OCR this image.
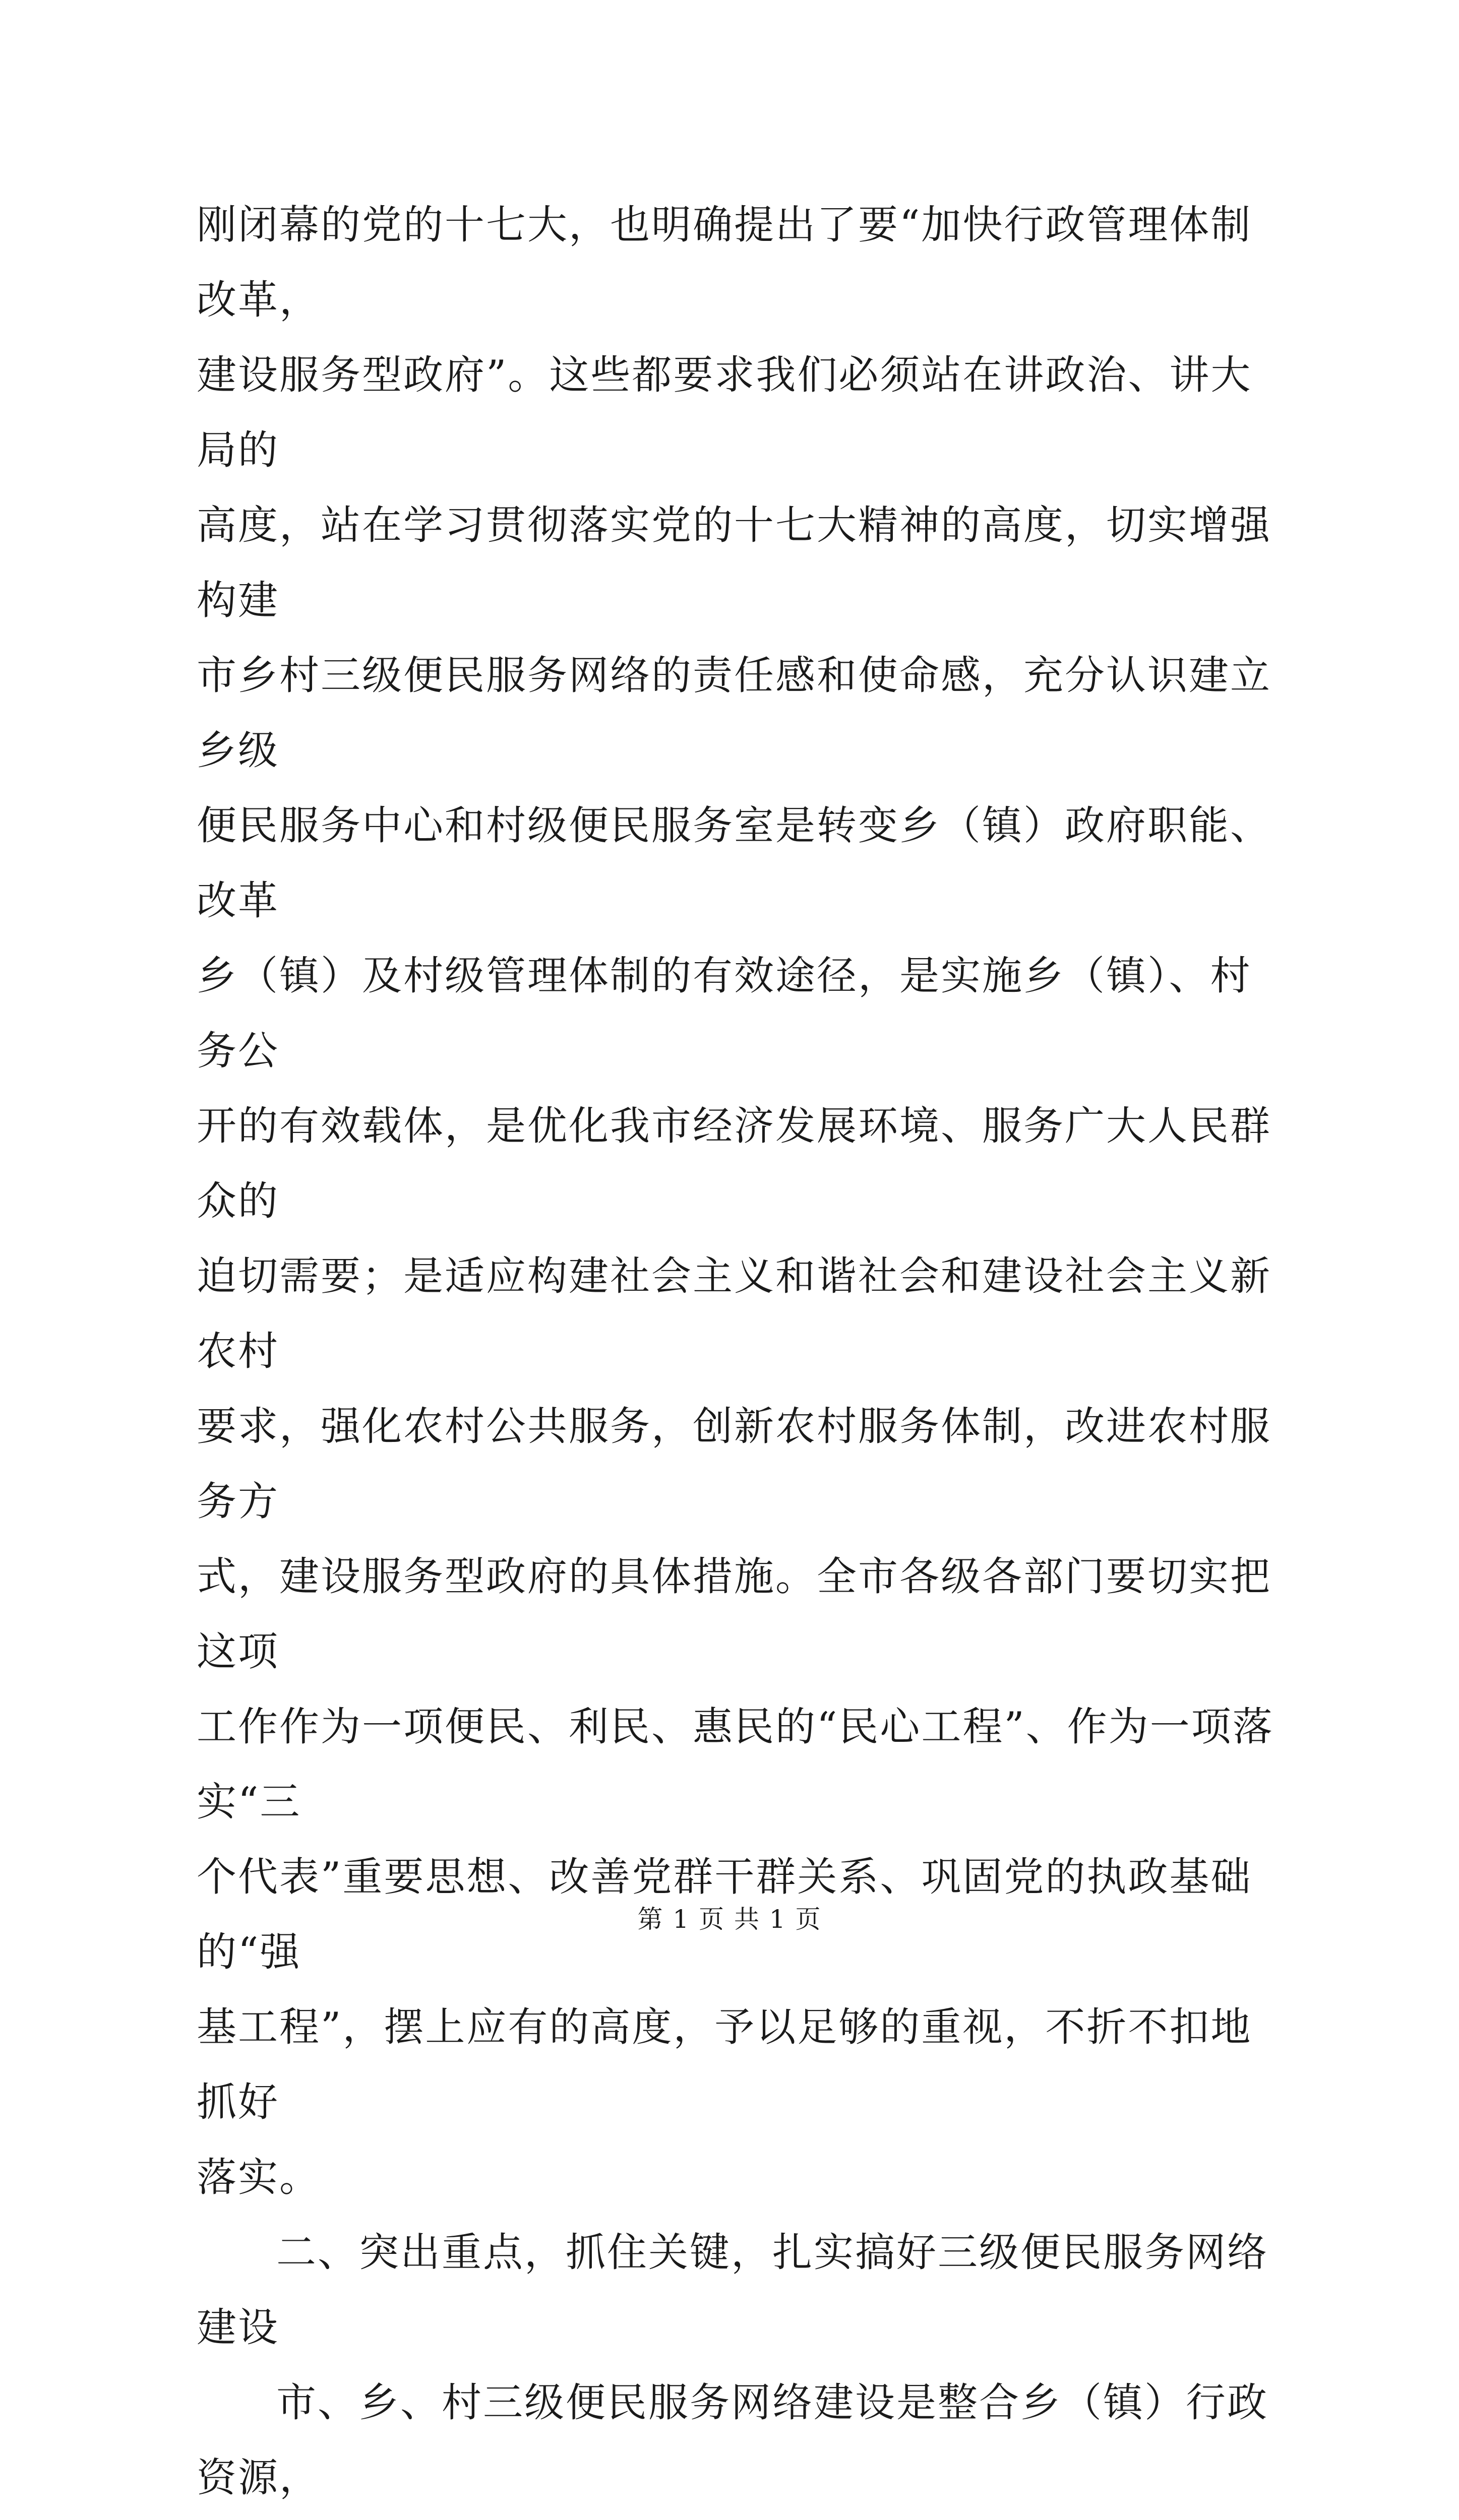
刚闭幕的党的十七大，也明确提出了要“加快行政管理体制改革，
建设服务型政府”。这些都要求我们必须站在讲政治、讲大局的
高度，站在学习贯彻落实党的十七大精神的高度，切实增强构建
市乡村三级便民服务网络的责任感和使命感，充分认识建立乡级
便民服务中心和村级便民服务室是转变乡（镇）政府职能、改革
乡（镇）及村级管理体制的有效途径，是实施乡（镇）、村务公
开的有效载体，是优化我市经济发展环境、服务广大人民群众的
迫切需要；是适应构建社会主义和谐社会和建设社会主义新农村
要求，强化农村公共服务，创新农村服务体制，改进农村服务方
式，建设服务型政府的具体措施。全市各级各部门要切实把这项
工作作为一项便民、利民、惠民的“民心工程”、作为一项落实“三
个代表”重要思想、改善党群干群关系、巩固党的执政基础的“强
基工程”，摆上应有的高度，予以足够的重视，不折不扣地抓好
落实。

二、突出重点，抓住关键，扎实搞好三级便民服务网络建设

市、乡、村三级便民服务网络建设是整合乡（镇）行政资源，

第 1 页 共 1 页
